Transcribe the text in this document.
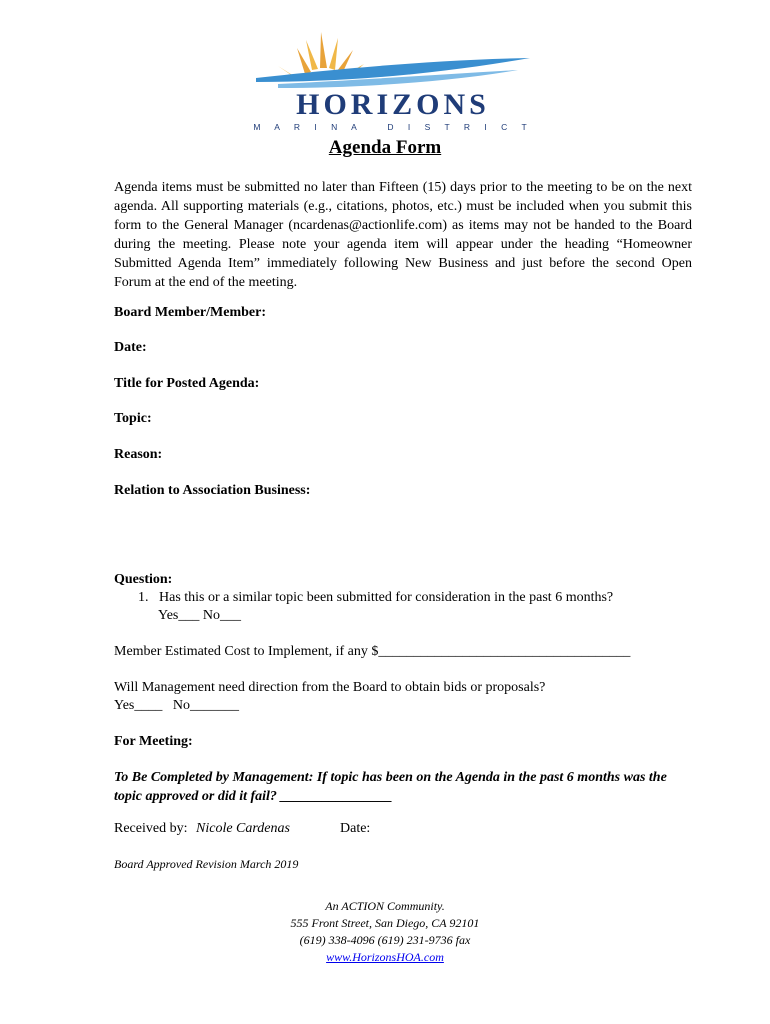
HORIZONS
M A R I N A   D I S T R I C T
Agenda Form
Agenda items must be submitted no later than Fifteen (15) days prior to the meeting to be on the next agenda. All supporting materials (e.g., citations, photos, etc.) must be included when you submit this form to the General Manager (ncardenas@actionlife.com) as items may not be handed to the Board during the meeting. Please note your agenda item will appear under the heading “Homeowner Submitted Agenda Item” immediately following New Business and just before the second Open Forum at the end of the meeting.
Board Member/Member:
Date:
Title for Posted Agenda:
Topic:
Reason:
Relation to Association Business:
Question:
1.   Has this or a similar topic been submitted for consideration in the past 6 months?
Yes___ No___
Member Estimated Cost to Implement, if any $____________________________________
Will Management need direction from the Board to obtain bids or proposals?
Yes____   No_______
For Meeting:
To Be Completed by Management: If topic has been on the Agenda in the past 6 months was the topic approved or did it fail? ________________
Received by: Nicole Cardenas	Date:
Board Approved Revision March 2019
An ACTION Community.
555 Front Street, San Diego, CA 92101
(619) 338-4096 (619) 231-9736 fax
www.HorizonsHOA.com
